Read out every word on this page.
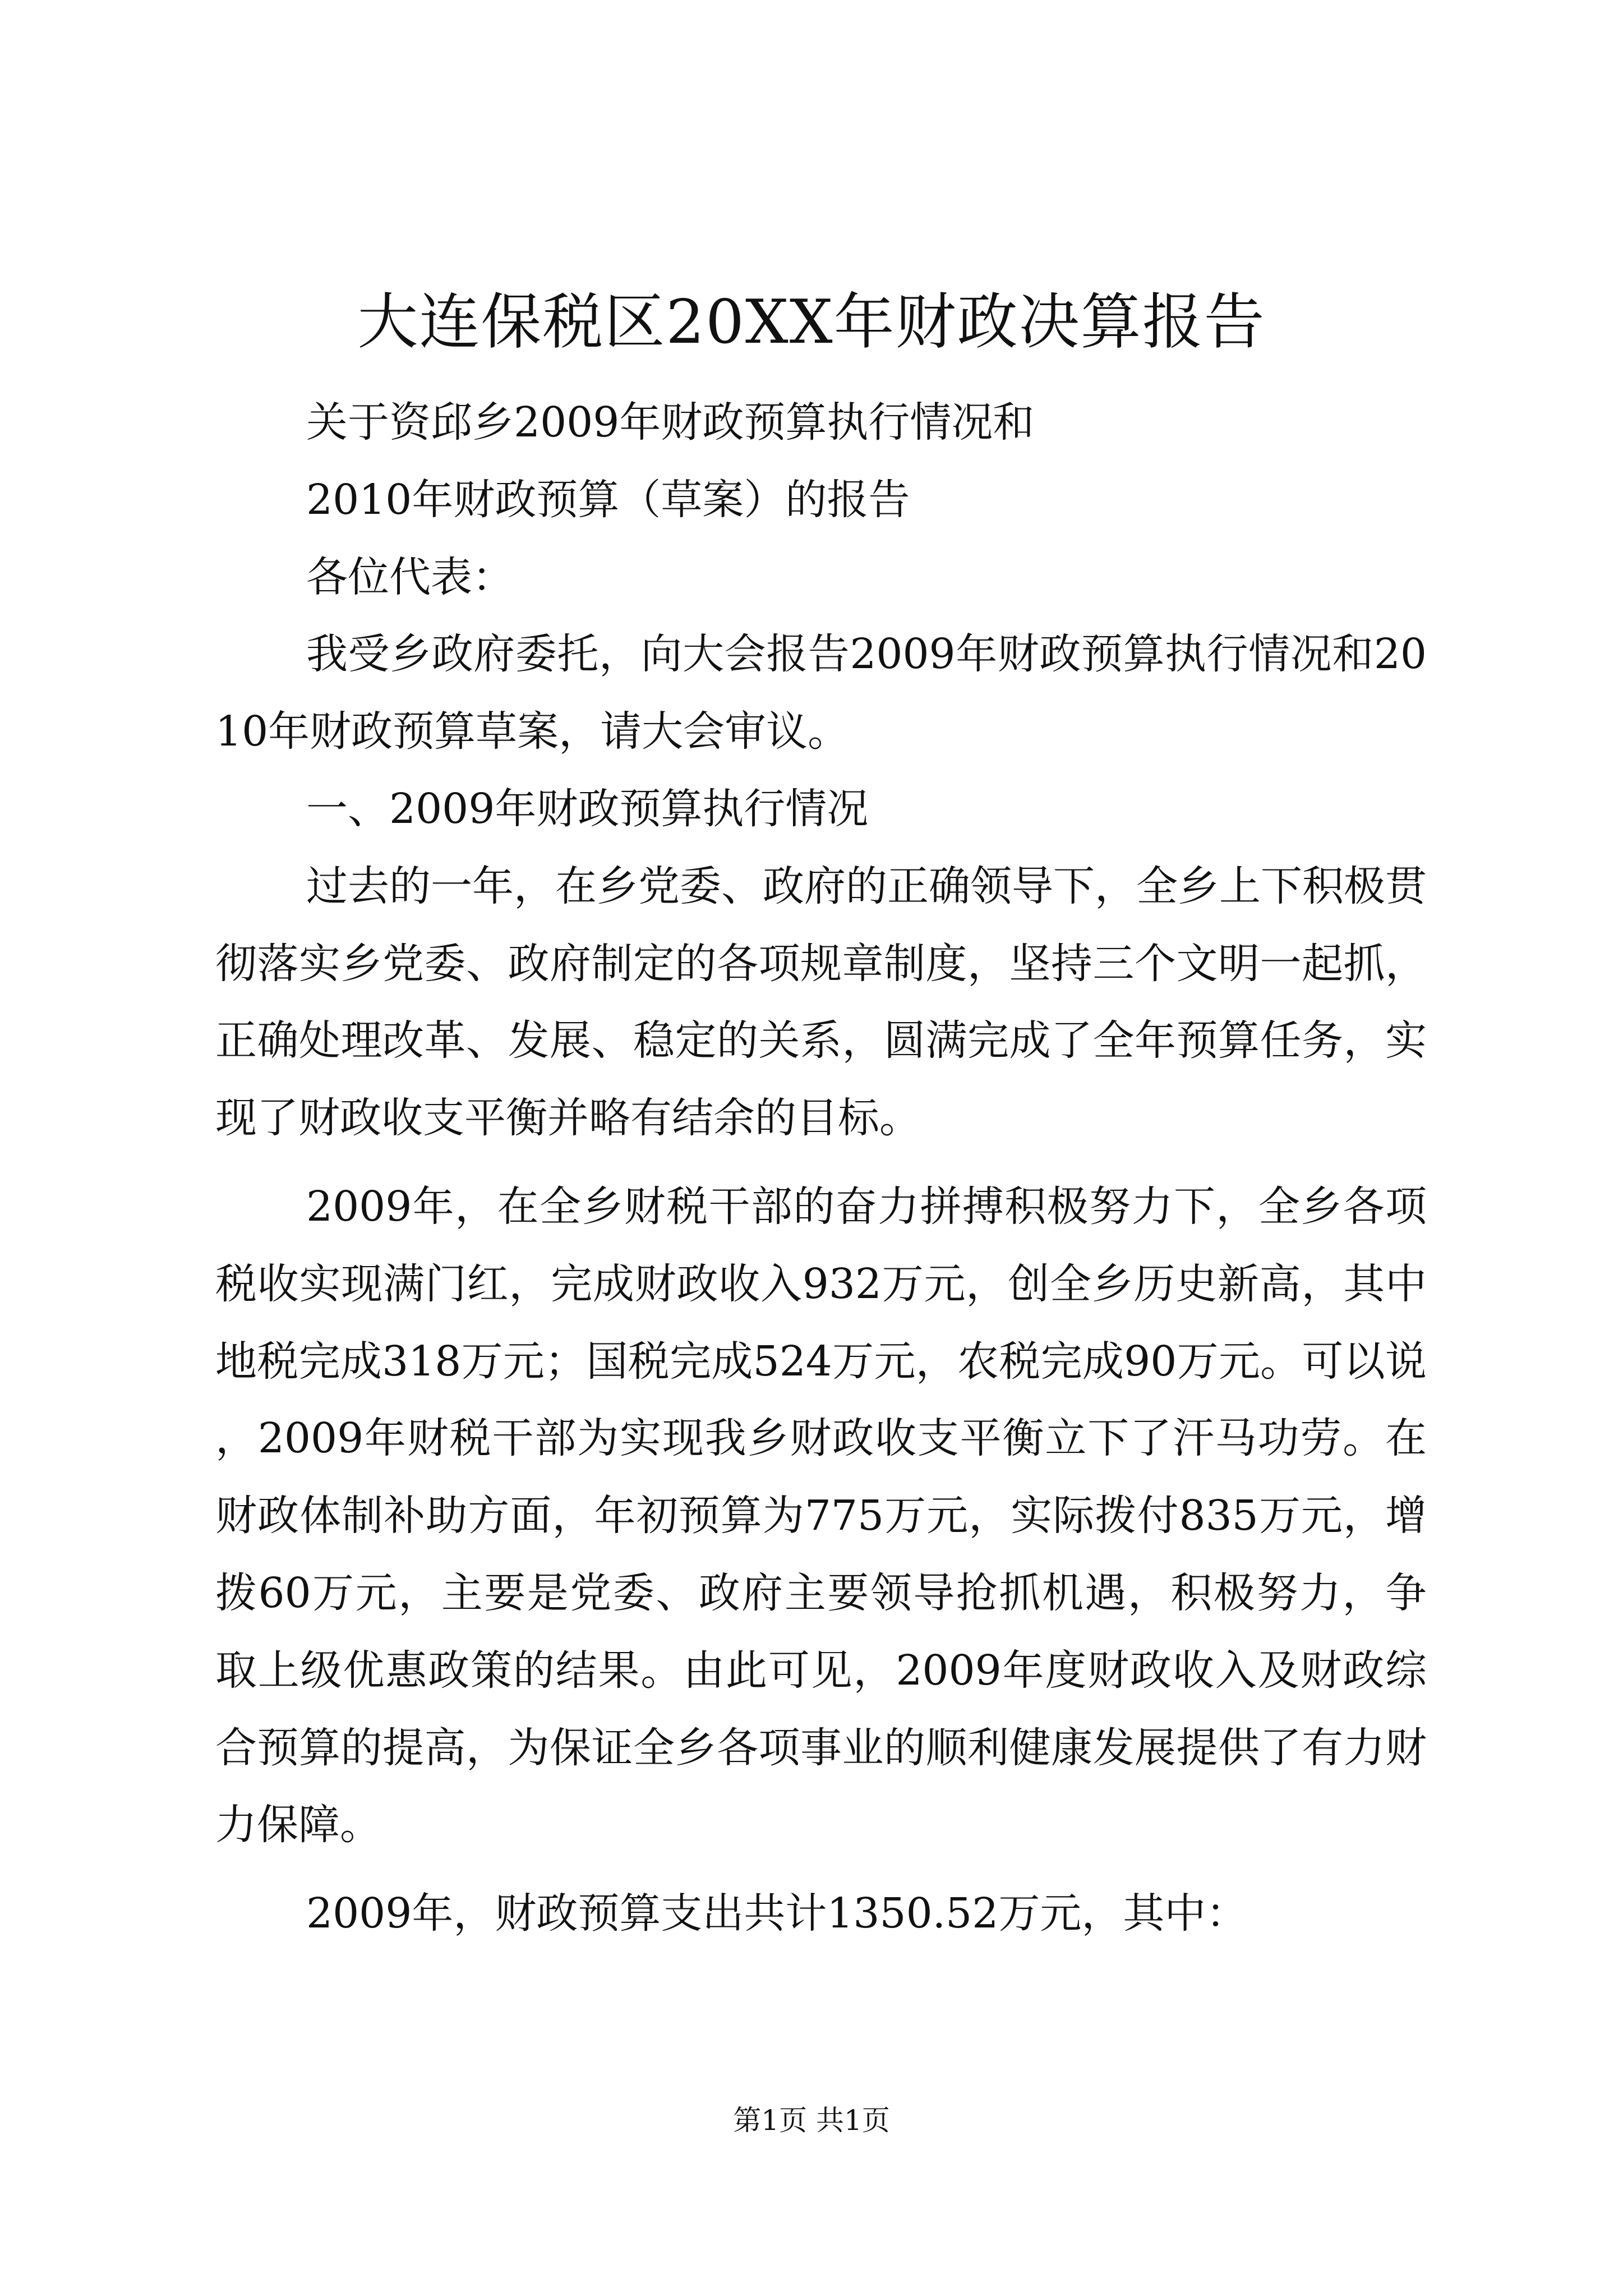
大连保税区20XX年财政决算报告

关于资邱乡2009年财政预算执行情况和

2010年财政预算（草案）的报告

各位代表：

我受乡政府委托，向大会报告2009年财政预算执行情况和2010年财政预算草案，请大会审议。

一、2009年财政预算执行情况

过去的一年，在乡党委、政府的正确领导下，全乡上下积极贯彻落实乡党委、政府制定的各项规章制度，坚持三个文明一起抓，正确处理改革、发展、稳定的关系，圆满完成了全年预算任务，实现了财政收支平衡并略有结余的目标。

2009年，在全乡财税干部的奋力拼搏积极努力下，全乡各项税收实现满门红，完成财政收入932万元，创全乡历史新高，其中地税完成318万元；国税完成524万元，农税完成90万元。可以说，2009年财税干部为实现我乡财政收支平衡立下了汗马功劳。在财政体制补助方面，年初预算为775万元，实际拨付835万元，增拨60万元，主要是党委、政府主要领导抢抓机遇，积极努力，争取上级优惠政策的结果。由此可见，2009年度财政收入及财政综合预算的提高，为保证全乡各项事业的顺利健康发展提供了有力财力保障。

2009年，财政预算支出共计1350.52万元，其中：

第1页 共1页
